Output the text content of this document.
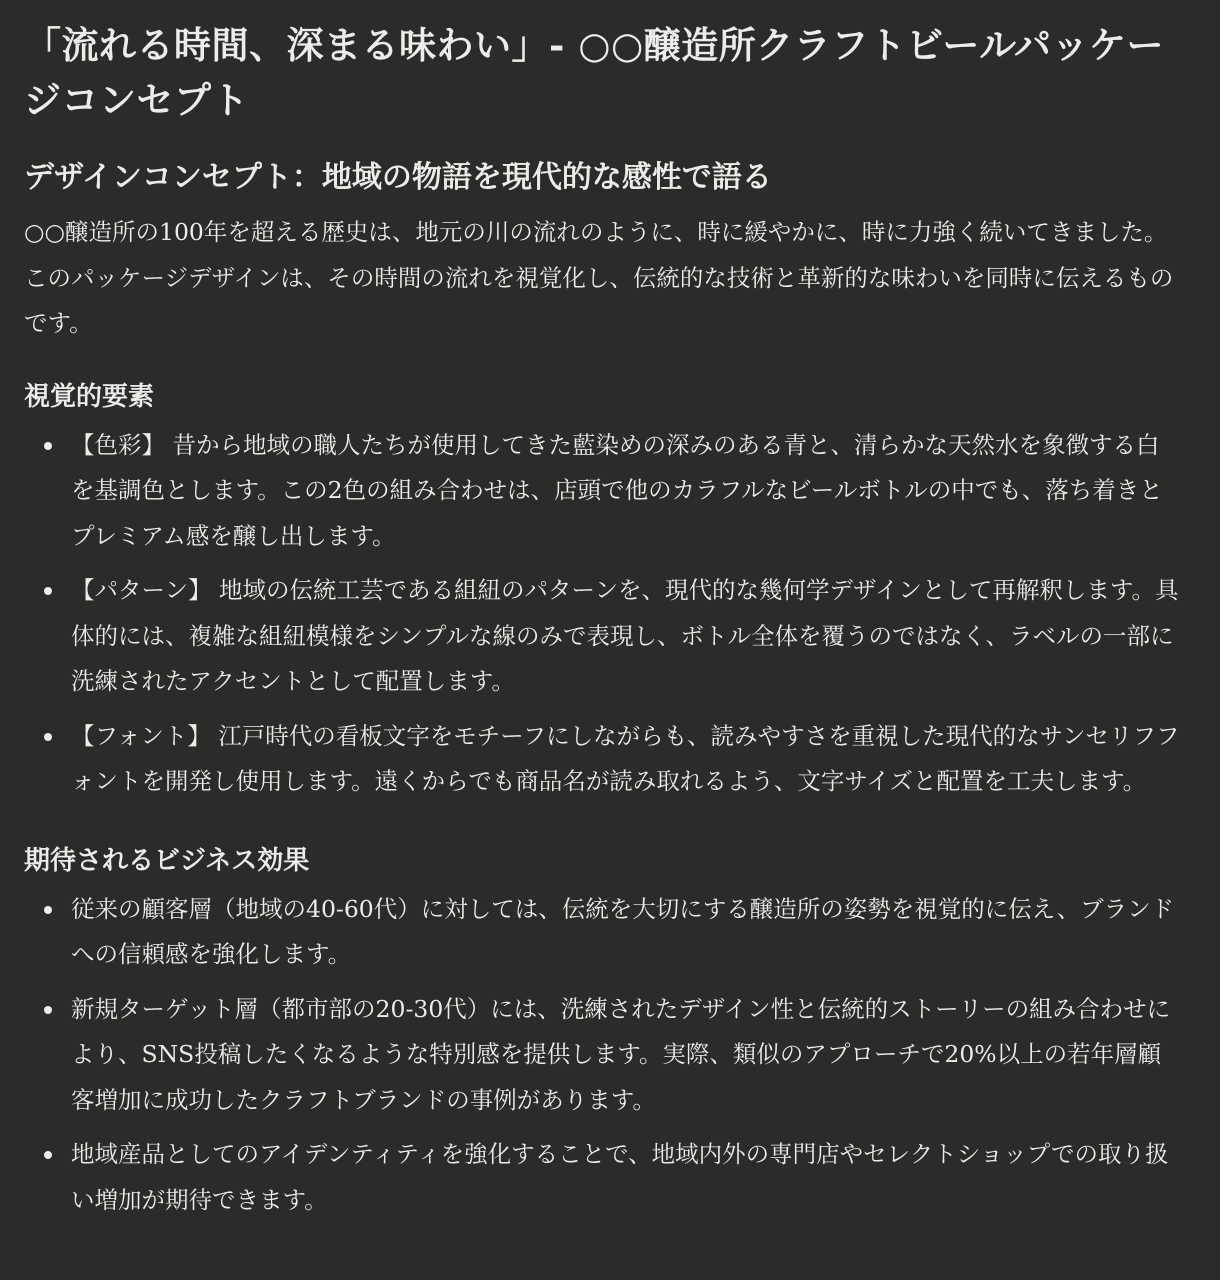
「流れる時間、深まる味わい」- ○○醸造所クラフトビールパッケージコンセプト
デザインコンセプト：地域の物語を現代的な感性で語る

○○醸造所の100年を超える歴史は、地元の川の流れのように、時に緩やかに、時に力強く続いてきました。このパッケージデザインは、その時間の流れを視覚化し、伝統的な技術と革新的な味わいを同時に伝えるものです。

視覚的要素
【色彩】 昔から地域の職人たちが使用してきた藍染めの深みのある青と、清らかな天然水を象徴する白を基調色とします。この2色の組み合わせは、店頭で他のカラフルなビールボトルの中でも、落ち着きとプレミアム感を醸し出します。
【パターン】 地域の伝統工芸である組紐のパターンを、現代的な幾何学デザインとして再解釈します。具体的には、複雑な組紐模様をシンプルな線のみで表現し、ボトル全体を覆うのではなく、ラベルの一部に洗練されたアクセントとして配置します。
【フォント】 江戸時代の看板文字をモチーフにしながらも、読みやすさを重視した現代的なサンセリフフォントを開発し使用します。遠くからでも商品名が読み取れるよう、文字サイズと配置を工夫します。
期待されるビジネス効果
従来の顧客層（地域の40-60代）に対しては、伝統を大切にする醸造所の姿勢を視覚的に伝え、ブランドへの信頼感を強化します。
新規ターゲット層（都市部の20-30代）には、洗練されたデザイン性と伝統的ストーリーの組み合わせにより、SNS投稿したくなるような特別感を提供します。実際、類似のアプローチで20%以上の若年層顧客増加に成功したクラフトブランドの事例があります。
地域産品としてのアイデンティティを強化することで、地域内外の専門店やセレクトショップでの取り扱い増加が期待できます。
